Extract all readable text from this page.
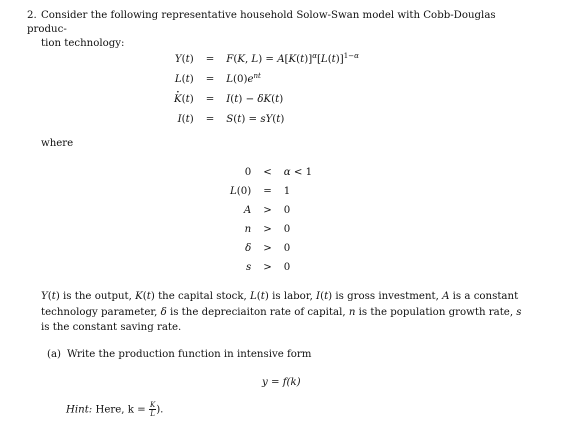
2. Consider the following representative household Solow-Swan model with Cobb-Douglas produc-
tion technology:
Y(t)	=	F(K, $L) = A[K(t)]^\alpha[L(t)]^{1-\alpha}$
L(t)	=	$L(0)e^{nt}$
· K(t)	=	I(t) − δK(t)
I(t)	=	S(t) = sY(t)
where
0	<	α < 1
L(0)	=	1
A	>	0
n	>	0
δ	>	0
s	>	0
Y(t) is the output, K(t) the capital stock, L(t) is labor, I(t) is gross investment, A is a constant technology parameter, δ is the depreciaiton rate of capital, n is the population growth rate, s is the constant saving rate.
(a) Write the production function in intensive form
y = f(k)
Hint: Here, $k = \frac{K}{L}$ ).
